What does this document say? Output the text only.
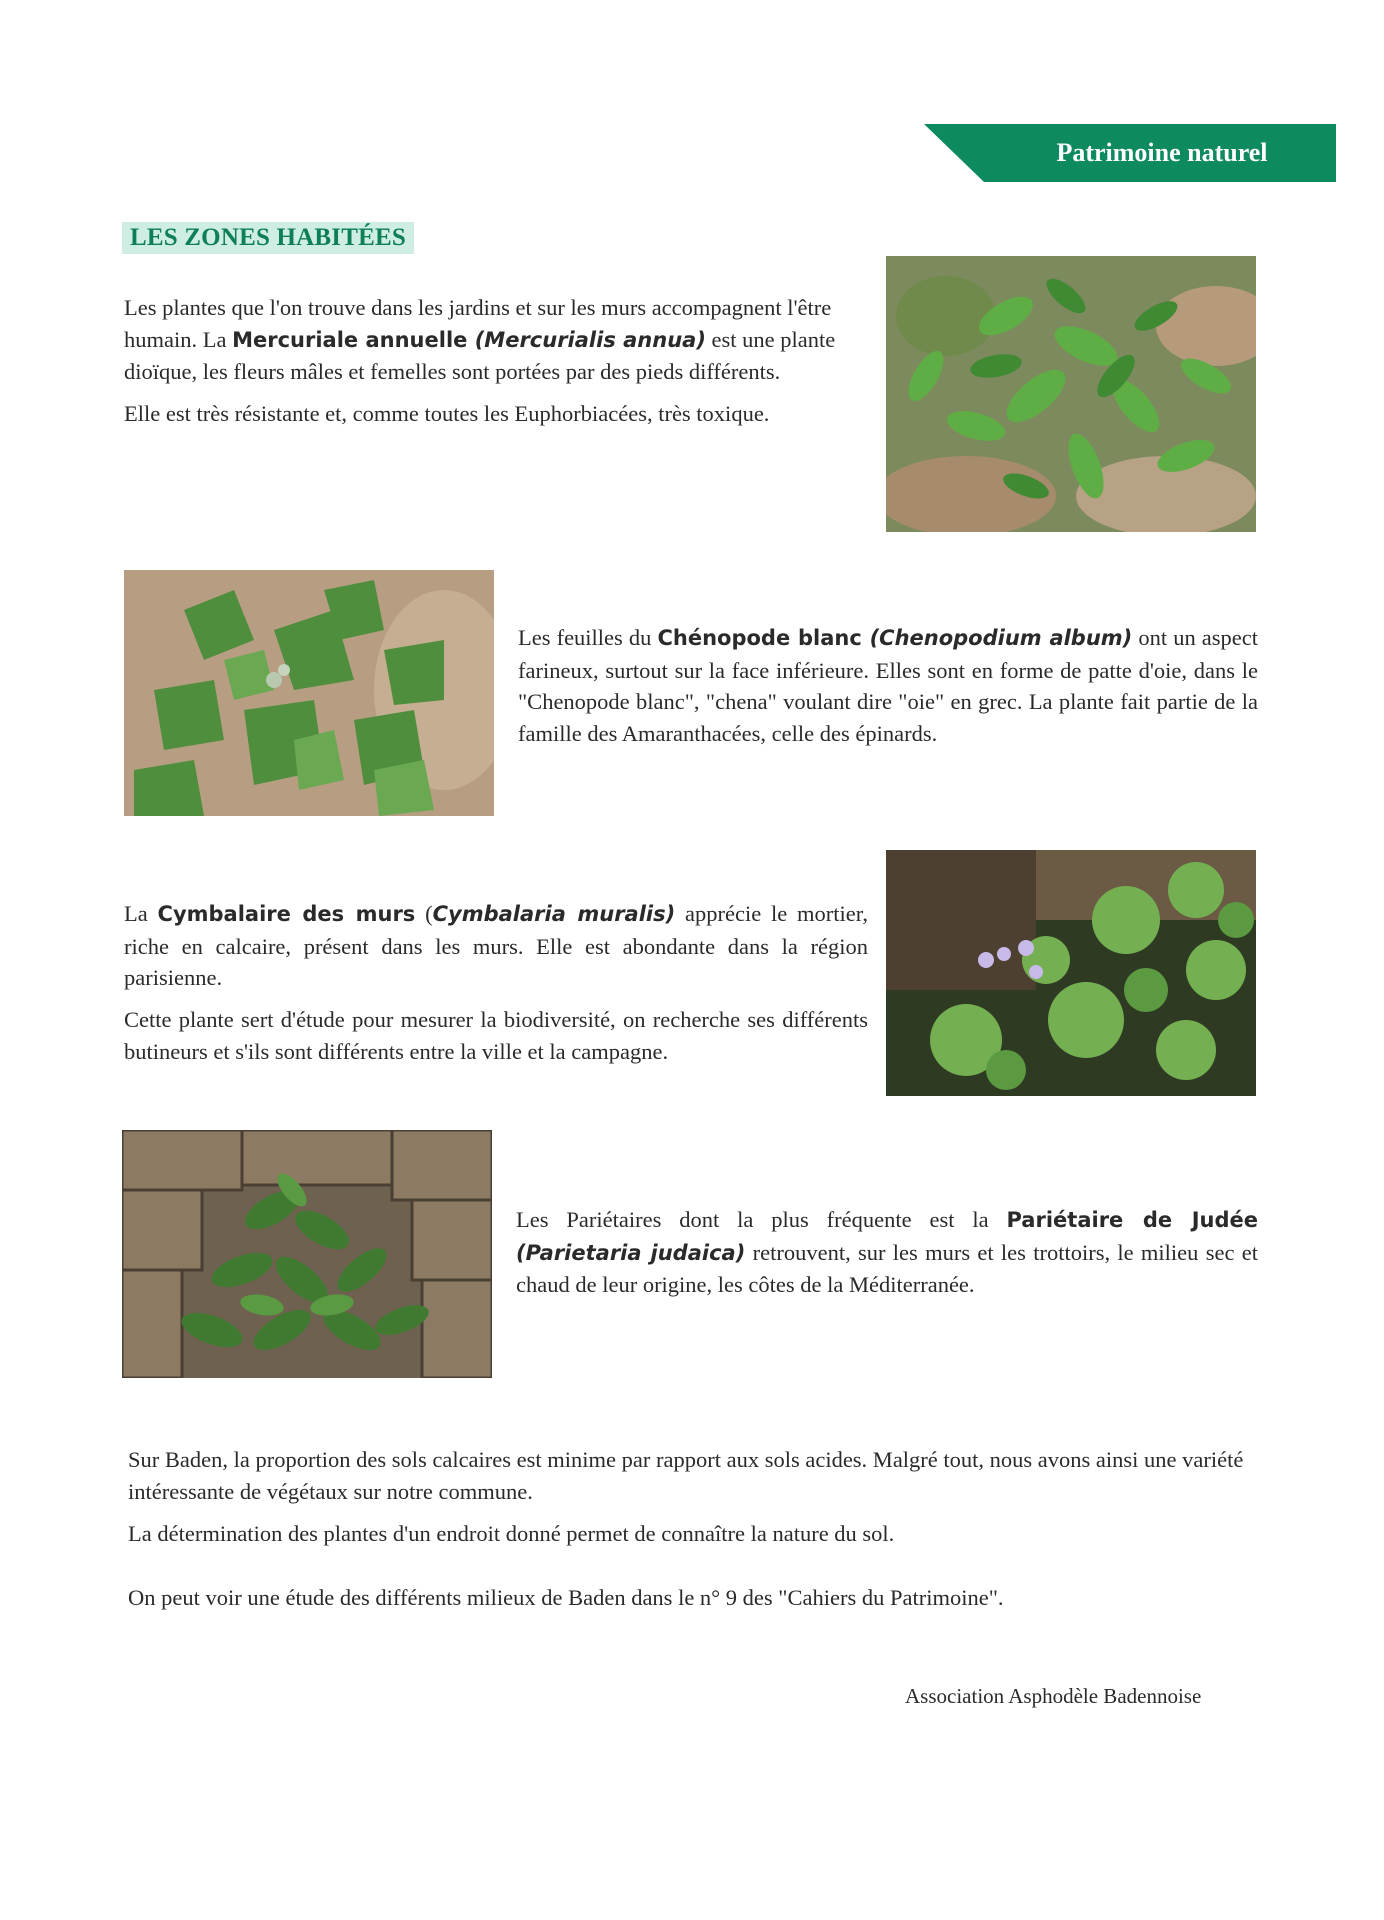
Patrimoine naturel
LES ZONES HABITÉES

Les plantes que l'on trouve dans les jardins et sur les murs accompagnent l'être humain. La Mercuriale annuelle (Mercurialis annua) est une plante dioïque, les fleurs mâles et femelles sont portées par des pieds différents.

Elle est très résistante et, comme toutes les Euphorbiacées, très toxique.

Les feuilles du Chénopode blanc (Chenopodium album) ont un aspect farineux, surtout sur la face inférieure. Elles sont en forme de patte d'oie, dans le "Chenopode blanc", "chena" voulant dire "oie" en grec. La plante fait partie de la famille des Amaranthacées, celle des épinards.

La Cymbalaire des murs (Cymbalaria muralis) apprécie le mortier, riche en calcaire, présent dans les murs. Elle est abondante dans la région parisienne.

Cette plante sert d'étude pour mesurer la biodiversité, on recherche ses différents butineurs et s'ils sont différents entre la ville et la campagne.

Les Pariétaires dont la plus fréquente est la Pariétaire de Judée (Parietaria judaica) retrouvent, sur les murs et les trottoirs, le milieu sec et chaud de leur origine, les côtes de la Méditerranée.

Sur Baden, la proportion des sols calcaires est minime par rapport aux sols acides. Malgré tout, nous avons ainsi une variété intéressante de végétaux sur notre commune.

La détermination des plantes d'un endroit donné permet de connaître la nature du sol.

On peut voir une étude des différents milieux de Baden dans le n° 9 des "Cahiers du Patrimoine".

Association Asphodèle Badennoise
